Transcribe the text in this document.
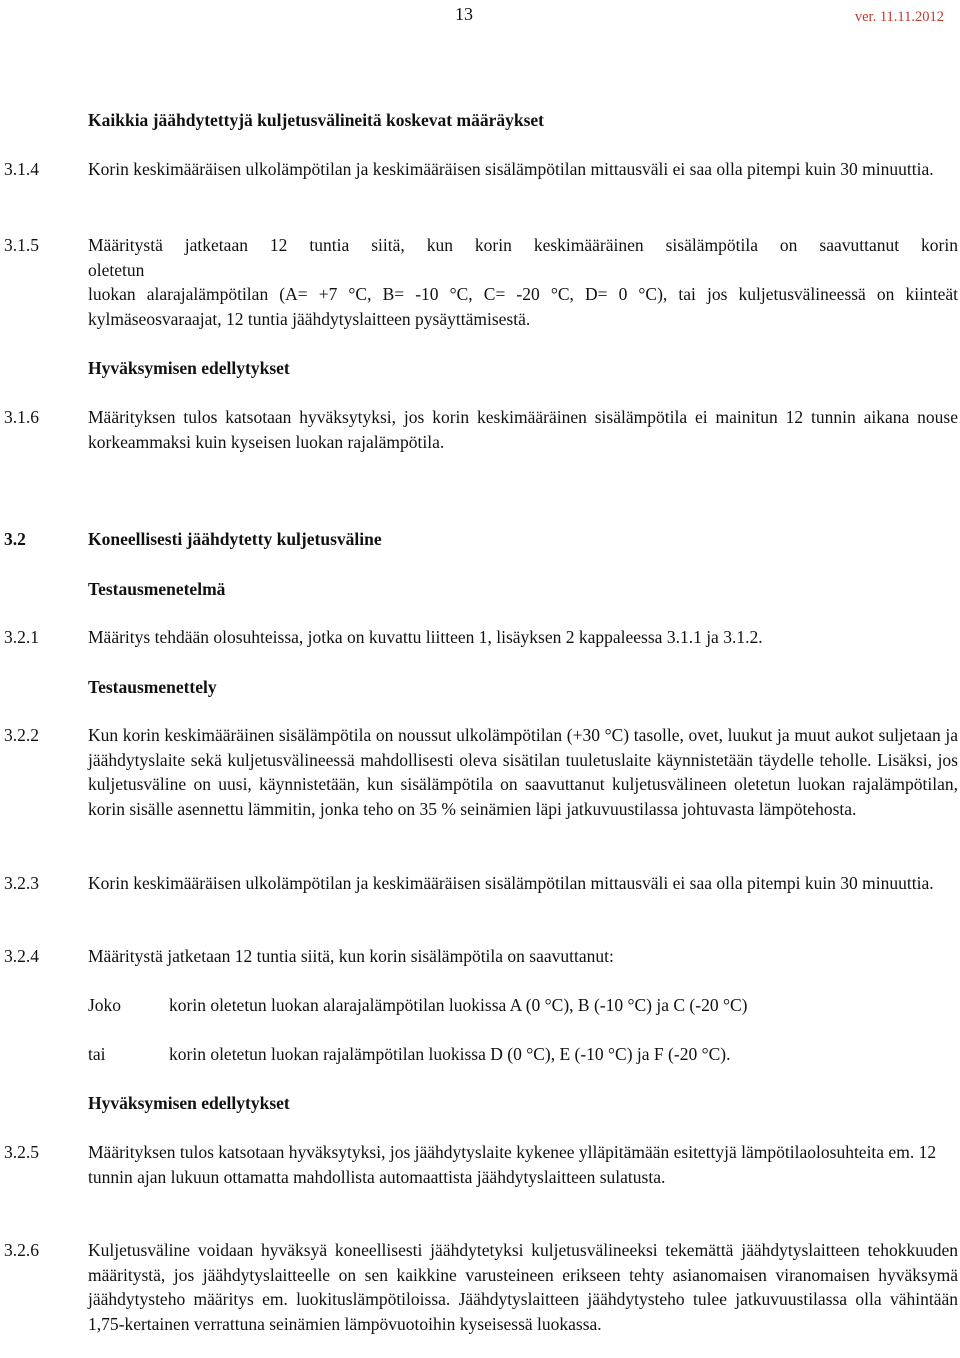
13	ver. 11.11.2012
Kaikkia jäähdytettyjä kuljetusvälineitä koskevat määräykset
3.1.4	Korin keskimääräisen ulkolämpötilan ja keskimääräisen sisälämpötilan mittausväli ei saa olla pitempi kuin 30 minuuttia.

3.1.5	Määritystä jatketaan 12 tuntia siitä, kun korin keskimääräinen sisälämpötila on saavuttanut korin

oletetun

luokan alarajalämpötilan (A= +7 °C, B= -10 °C, C= -20 °C, D= 0 °C), tai jos kuljetusvälineessä on kiinteät kylmäseosvaraajat, 12 tuntia jäähdytyslaitteen pysäyttämisestä.

Hyväksymisen edellytykset
3.1.6	Määrityksen tulos katsotaan hyväksytyksi, jos korin keskimääräinen sisälämpötila ei mainitun 12 tunnin aikana nouse korkeammaksi kuin kyseisen luokan rajalämpötila.

3.2	Koneellisesti jäähdytetty kuljetusväline
Testausmenetelmä
3.2.1	Määritys tehdään olosuhteissa, jotka on kuvattu liitteen 1, lisäyksen 2 kappaleessa 3.1.1 ja 3.1.2.

Testausmenettely
3.2.2	Kun korin keskimääräinen sisälämpötila on noussut ulkolämpötilan (+30 °C) tasolle, ovet, luukut ja muut aukot suljetaan ja jäähdytyslaite sekä kuljetusvälineessä mahdollisesti oleva sisätilan tuuletuslaite käynnistetään täydelle teholle. Lisäksi, jos kuljetusväline on uusi, käynnistetään, kun sisälämpötila on saavuttanut kuljetusvälineen oletetun luokan rajalämpötilan, korin sisälle asennettu lämmitin, jonka teho on 35 % seinämien läpi jatkuvuustilassa johtuvasta lämpötehosta.

3.2.3	Korin keskimääräisen ulkolämpötilan ja keskimääräisen sisälämpötilan mittausväli ei saa olla pitempi kuin 30 minuuttia.

3.2.4	Määritystä jatketaan 12 tuntia siitä, kun korin sisälämpötila on saavuttanut:

Joko	korin oletetun luokan alarajalämpötilan luokissa A (0 °C), B (-10 °C) ja C (-20 °C)
tai	korin oletetun luokan rajalämpötilan luokissa D (0 °C), E (-10 °C) ja F (-20 °C).
Hyväksymisen edellytykset
3.2.5	Määrityksen tulos katsotaan hyväksytyksi, jos jäähdytyslaite kykenee ylläpitämään esitettyjä lämpötilaolosuhteita em. 12 tunnin ajan lukuun ottamatta mahdollista automaattista jäähdytyslaitteen sulatusta.

3.2.6	Kuljetusväline voidaan hyväksyä koneellisesti jäähdytetyksi kuljetusvälineeksi tekemättä jäähdytyslaitteen tehokkuuden määritystä, jos jäähdytyslaitteelle on sen kaikkine varusteineen erikseen tehty asianomaisen viranomaisen hyväksymä jäähdytysteho määritys em. luokituslämpötiloissa. Jäähdytyslaitteen jäähdytysteho tulee jatkuvuustilassa olla vähintään 1,75-kertainen verrattuna seinämien lämpövuotoihin kyseisessä luokassa.
